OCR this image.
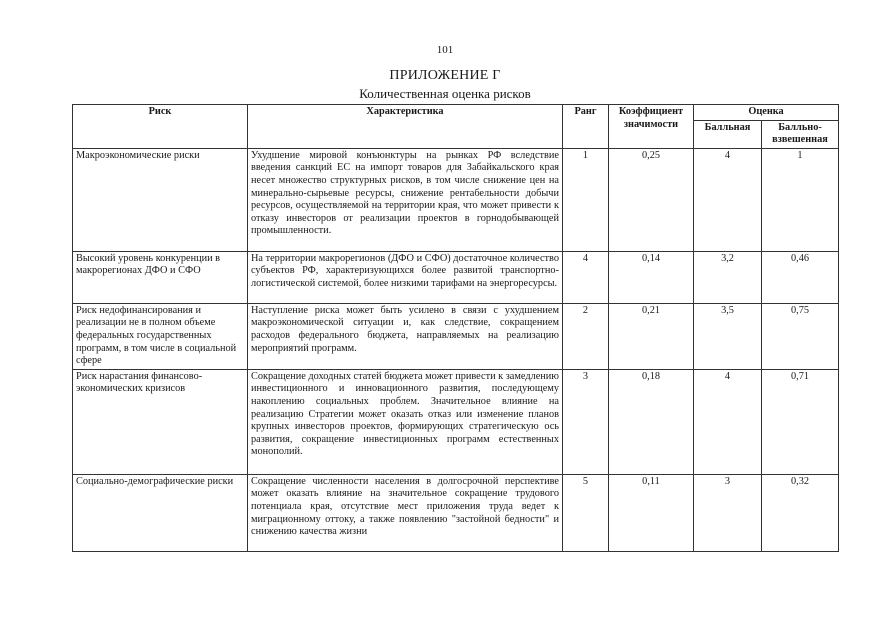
101
ПРИЛОЖЕНИЕ Г
Количественная оценка рисков
Риск	Характеристика	Ранг	Коэффициент значимости	Оценка	
				Балльная	Балльно-взвешенная
Макроэкономические риски	Ухудшение мировой конъюнктуры на рынках РФ вследствие введения санкций ЕС на импорт товаров для Забайкальского края несет множество структурных рисков, в том числе снижение цен на минерально-сырьевые ресурсы, снижение рентабельности добычи ресурсов, осуществляемой на территории края, что может привести к отказу инвесторов от реализации проектов в горнодобывающей промышленности.	1	0,25	4	1
Высокий уровень конкуренции в макрорегионах ДФО и СФО	На территории макрорегионов (ДФО и СФО) достаточное количество субъектов РФ, характеризующихся более развитой транспортно-логистической системой, более низкими тарифами на энергоресурсы.	4	0,14	3,2	0,46
Риск недофинансирования и реализации не в полном объеме федеральных государственных программ, в том числе в социальной сфере	Наступление риска может быть усилено в связи с ухудшением макроэкономической ситуации и, как следствие, сокращением расходов федерального бюджета, направляемых на реализацию мероприятий программ.	2	0,21	3,5	0,75
Риск нарастания финансово-экономических кризисов	Сокращение доходных статей бюджета может привести к замедлению инвестиционного и инновационного развития, последующему накоплению социальных проблем. Значительное влияние на реализацию Стратегии может оказать отказ или изменение планов крупных инвесторов проектов, формирующих стратегическую ось развития, сокращение инвестиционных программ естественных монополий.	3	0,18	4	0,71
Социально-демографические риски	Сокращение численности населения в долгосрочной перспективе может оказать влияние на значительное сокращение трудового потенциала края, отсутствие мест приложения труда ведет к миграционному оттоку, а также появлению "застойной бедности" и снижению качества жизни	5	0,11	3	0,32
